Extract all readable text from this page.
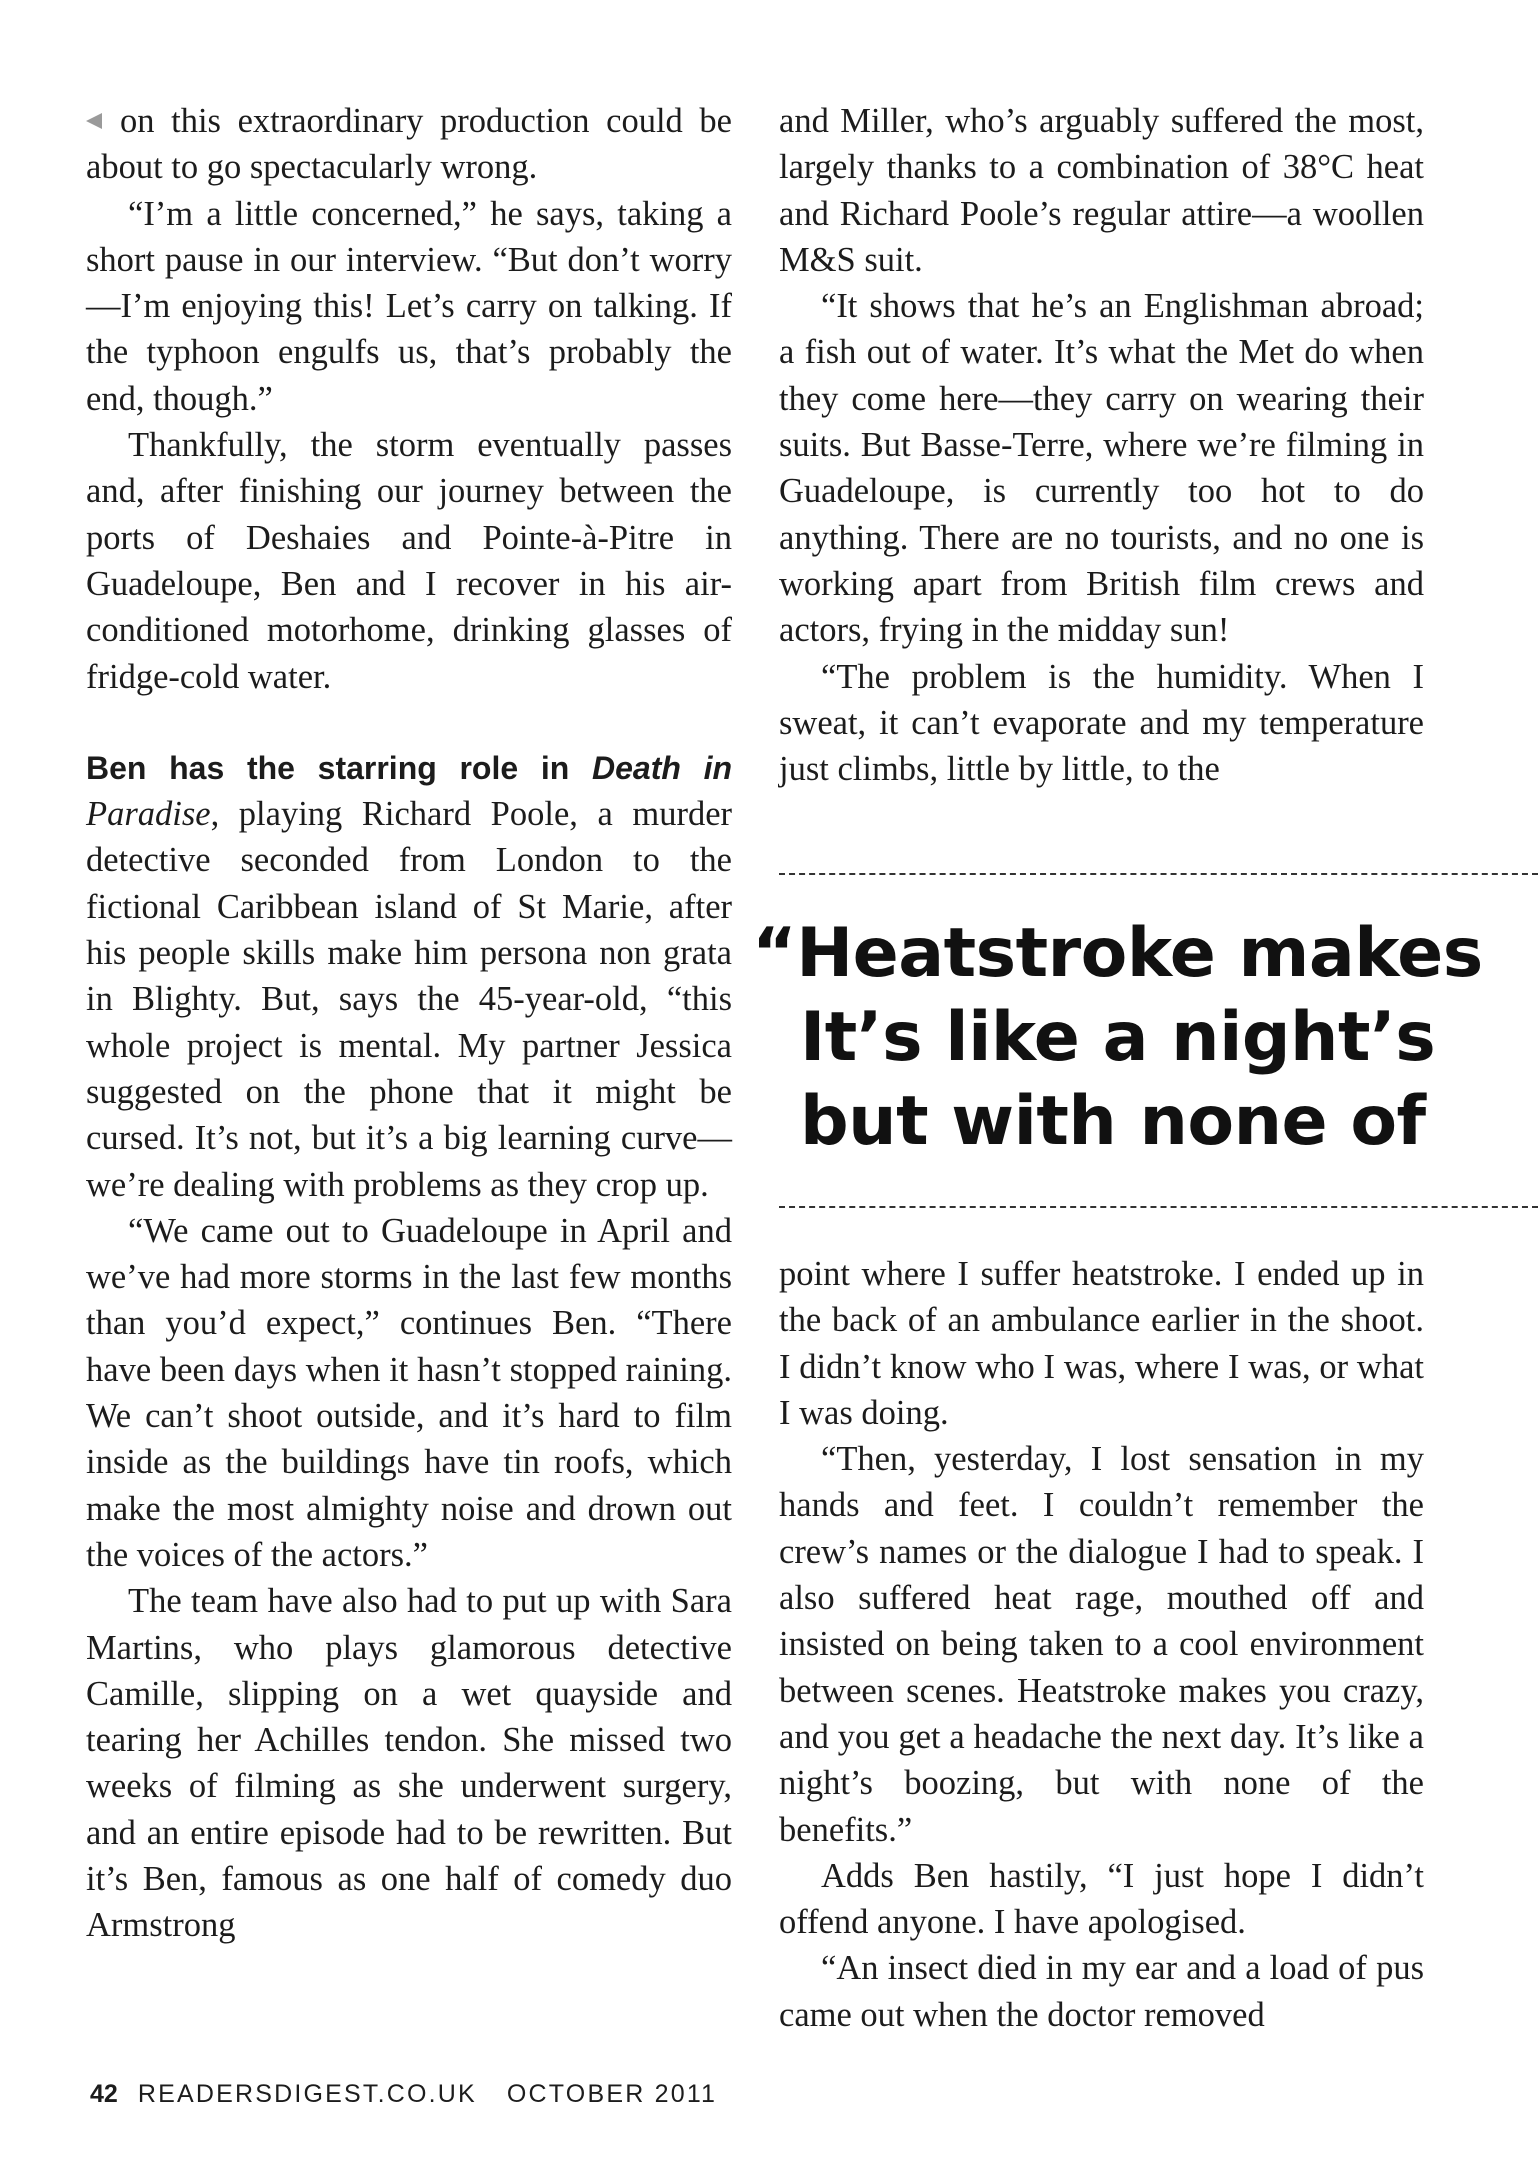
on this extraordinary production could be about to go spectacularly wrong.

“I’m a little concerned,” he says, taking a short pause in our interview. “But don’t worry—I’m enjoying this! Let’s carry on talking. If the typhoon engulfs us, that’s probably the end, though.”

Thankfully, the storm eventually passes and, after finishing our journey between the ports of Deshaies and Pointe-à-Pitre in Guadeloupe, Ben and I recover in his air-conditioned motorhome, drinking glasses of fridge-cold water.

Ben has the starring role in Death in Paradise, playing Richard Poole, a murder detective seconded from London to the fictional Caribbean island of St Marie, after his people skills make him persona non grata in Blighty. But, says the 45-year-old, “this whole project is mental. My partner Jessica suggested on the phone that it might be cursed. It’s not, but it’s a big learning curve—we’re dealing with problems as they crop up.

“We came out to Guadeloupe in April and we’ve had more storms in the last few months than you’d expect,” continues Ben. “There have been days when it hasn’t stopped raining. We can’t shoot outside, and it’s hard to film inside as the buildings have tin roofs, which make the most almighty noise and drown out the voices of the actors.”

The team have also had to put up with Sara Martins, who plays glamorous detective Camille, slipping on a wet quayside and tearing her Achilles tendon. She missed two weeks of filming as she underwent surgery, and an entire episode had to be rewritten. But it’s Ben, famous as one half of comedy duo Armstrong

and Miller, who’s arguably suffered the most, largely thanks to a combination of 38°C heat and Richard Poole’s regular attire—a woollen M&S suit.

“It shows that he’s an Englishman abroad; a fish out of water. It’s what the Met do when they come here—they carry on wearing their suits. But Basse-Terre, where we’re filming in Guadeloupe, is currently too hot to do anything. There are no tourists, and no one is working apart from British film crews and actors, frying in the midday sun!

“The problem is the humidity. When I sweat, it can’t evaporate and my temperature just climbs, little by little, to the

“Heatstroke makes
It’s like a night’s
but with none of

point where I suffer heatstroke. I ended up in the back of an ambulance earlier in the shoot. I didn’t know who I was, where I was, or what I was doing.

“Then, yesterday, I lost sensation in my hands and feet. I couldn’t remember the crew’s names or the dialogue I had to speak. I also suffered heat rage, mouthed off and insisted on being taken to a cool environment between scenes. Heatstroke makes you crazy, and you get a headache the next day. It’s like a night’s boozing, but with none of the benefits.”

Adds Ben hastily, “I just hope I didn’t offend anyone. I have apologised.

“An insect died in my ear and a load of pus came out when the doctor removed

42 READERSDIGEST.CO.UK OCTOBER 2011
